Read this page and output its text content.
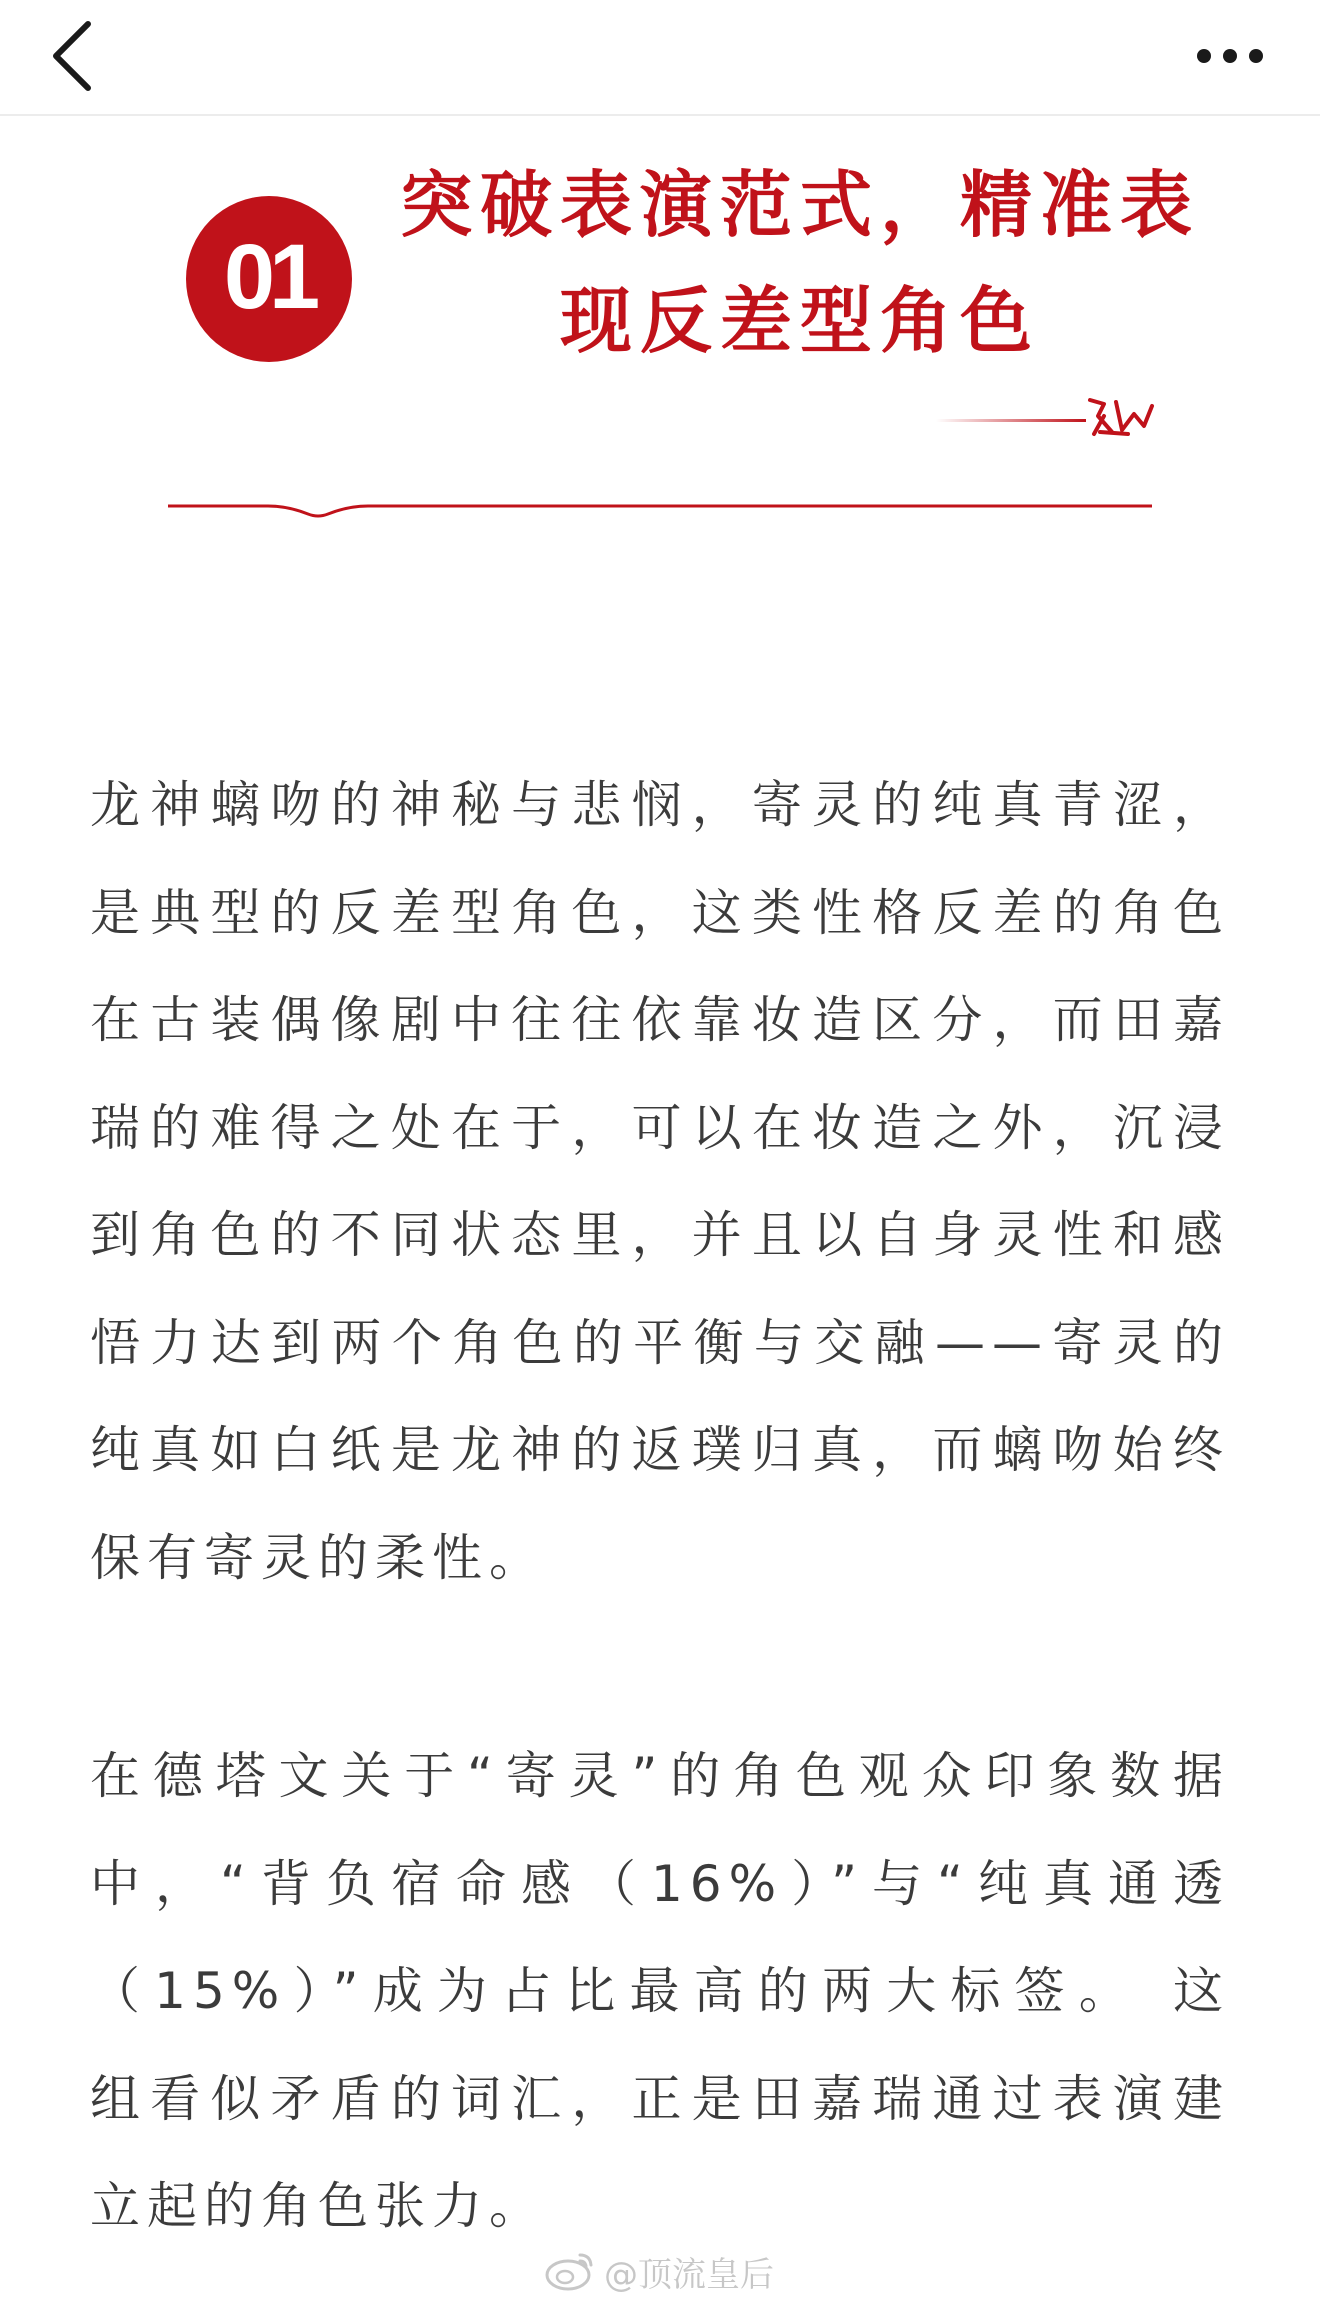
01
突破表演范式，精准表
现反差型角色
龙神螭吻的神秘与悲悯，寄灵的纯真青涩，
是典型的反差型角色，这类性格反差的角色
在古装偶像剧中往往依靠妆造区分，而田嘉
瑞的难得之处在于，可以在妆造之外，沉浸
到角色的不同状态里，并且以自身灵性和感
悟力达到两个角色的平衡与交融——寄灵的
纯真如白纸是龙神的返璞归真，而螭吻始终
保有寄灵的柔性。
在德塔文关于“寄灵”的角色观众印象数据
中，“背负宿命感（16%）”与“纯真通透
（15%）”成为占比最高的两大标签。 这
组看似矛盾的词汇，正是田嘉瑞通过表演建
立起的角色张力。
@顶流皇后
